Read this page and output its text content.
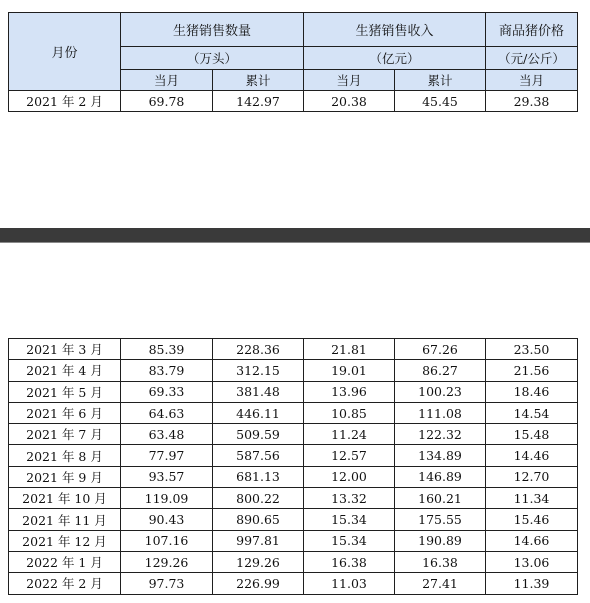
月份	生猪销售数量		生猪销售收入		商品猪价格
	（万头）		（亿元）		（元/公斤）
	当月	累计	当月	累计	当月
2021 年 2 月	69.78	142.97	20.38	45.45	29.38
2021 年 3 月	85.39	228.36	21.81	67.26	23.50
2021 年 4 月	83.79	312.15	19.01	86.27	21.56
2021 年 5 月	69.33	381.48	13.96	100.23	18.46
2021 年 6 月	64.63	446.11	10.85	111.08	14.54
2021 年 7 月	63.48	509.59	11.24	122.32	15.48
2021 年 8 月	77.97	587.56	12.57	134.89	14.46
2021 年 9 月	93.57	681.13	12.00	146.89	12.70
2021 年 10 月	119.09	800.22	13.32	160.21	11.34
2021 年 11 月	90.43	890.65	15.34	175.55	15.46
2021 年 12 月	107.16	997.81	15.34	190.89	14.66
2022 年 1 月	129.26	129.26	16.38	16.38	13.06
2022 年 2 月	97.73	226.99	11.03	27.41	11.39
